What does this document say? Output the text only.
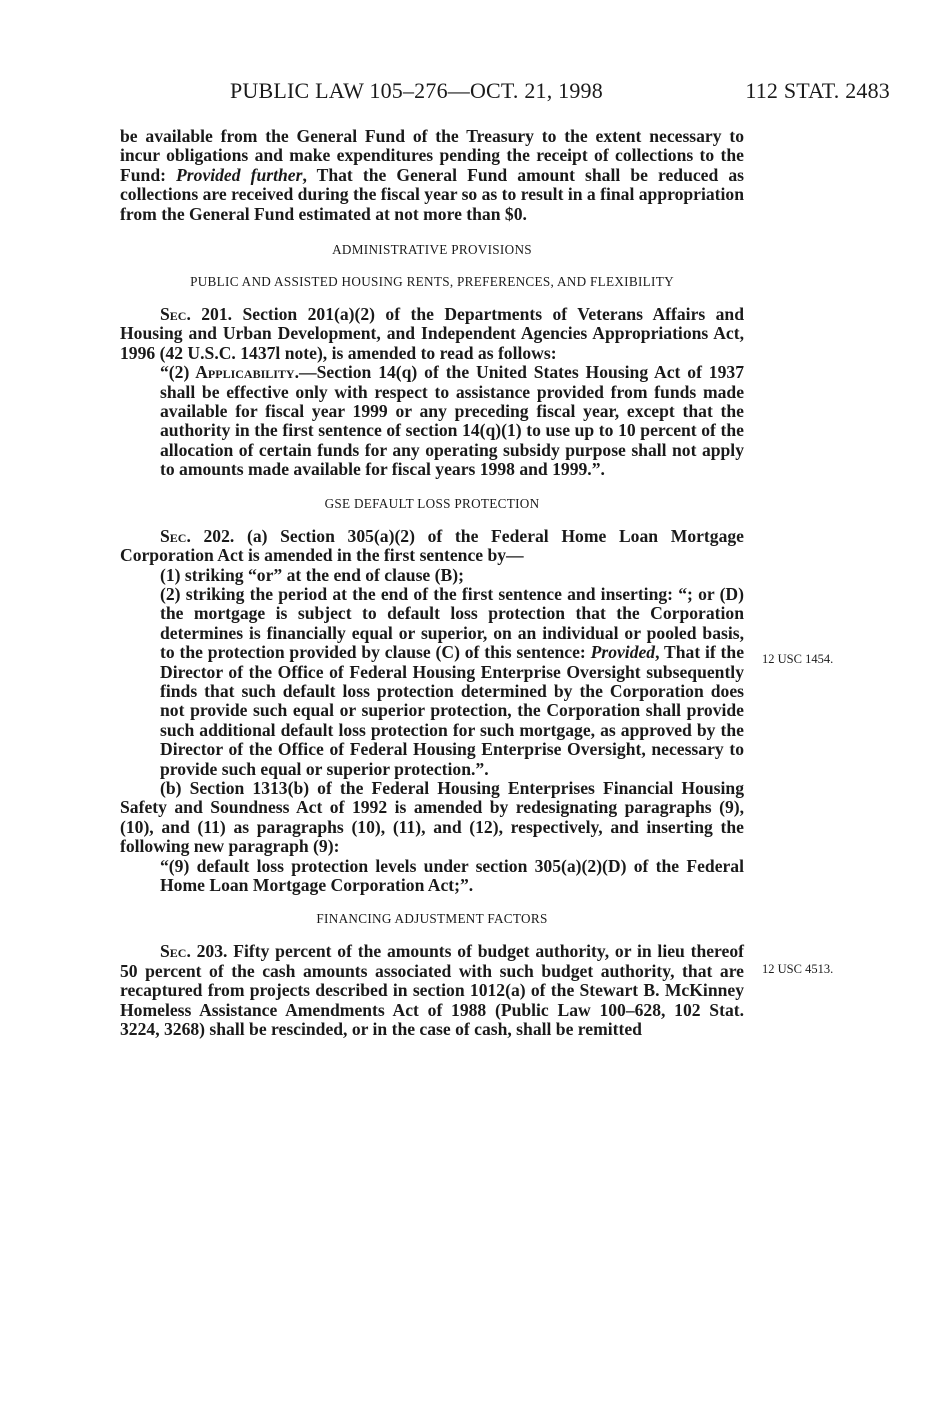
PUBLIC LAW 105–276—OCT. 21, 1998	112 STAT. 2483

be available from the General Fund of the Treasury to the extent necessary to incur obligations and make expenditures pending the receipt of collections to the Fund: Provided further, That the General Fund amount shall be reduced as collections are received during the fiscal year so as to result in a final appropriation from the General Fund estimated at not more than $0.

ADMINISTRATIVE PROVISIONS
PUBLIC AND ASSISTED HOUSING RENTS, PREFERENCES, AND FLEXIBILITY

Sec. 201. Section 201(a)(2) of the Departments of Veterans Affairs and Housing and Urban Development, and Independent Agencies Appropriations Act, 1996 (42 U.S.C. 1437l note), is amended to read as follows:

“(2) Applicability.—Section 14(q) of the United States Housing Act of 1937 shall be effective only with respect to assistance provided from funds made available for fiscal year 1999 or any preceding fiscal year, except that the authority in the first sentence of section 14(q)(1) to use up to 10 percent of the allocation of certain funds for any operating subsidy purpose shall not apply to amounts made available for fiscal years 1998 and 1999.”.

GSE DEFAULT LOSS PROTECTION

Sec. 202. (a) Section 305(a)(2) of the Federal Home Loan Mortgage Corporation Act is amended in the first sentence by—

(1) striking “or” at the end of clause (B);

(2) striking the period at the end of the first sentence and inserting: “; or (D) the mortgage is subject to default loss protection that the Corporation determines is financially equal or superior, on an individual or pooled basis, to the protection provided by clause (C) of this sentence: Provided, That if the Director of the Office of Federal Housing Enterprise Oversight subsequently finds that such default loss protection determined by the Corporation does not provide such equal or superior protection, the Corporation shall provide such additional default loss protection for such mortgage, as approved by the Director of the Office of Federal Housing Enterprise Oversight, necessary to provide such equal or superior protection.”.

(b) Section 1313(b) of the Federal Housing Enterprises Financial Housing Safety and Soundness Act of 1992 is amended by redesignating paragraphs (9), (10), and (11) as paragraphs (10), (11), and (12), respectively, and inserting the following new paragraph (9):

“(9) default loss protection levels under section 305(a)(2)(D) of the Federal Home Loan Mortgage Corporation Act;”.

FINANCING ADJUSTMENT FACTORS

Sec. 203. Fifty percent of the amounts of budget authority, or in lieu thereof 50 percent of the cash amounts associated with such budget authority, that are recaptured from projects described in section 1012(a) of the Stewart B. McKinney Homeless Assistance Amendments Act of 1988 (Public Law 100–628, 102 Stat. 3224, 3268) shall be rescinded, or in the case of cash, shall be remitted

12 USC 1454.
12 USC 4513.
